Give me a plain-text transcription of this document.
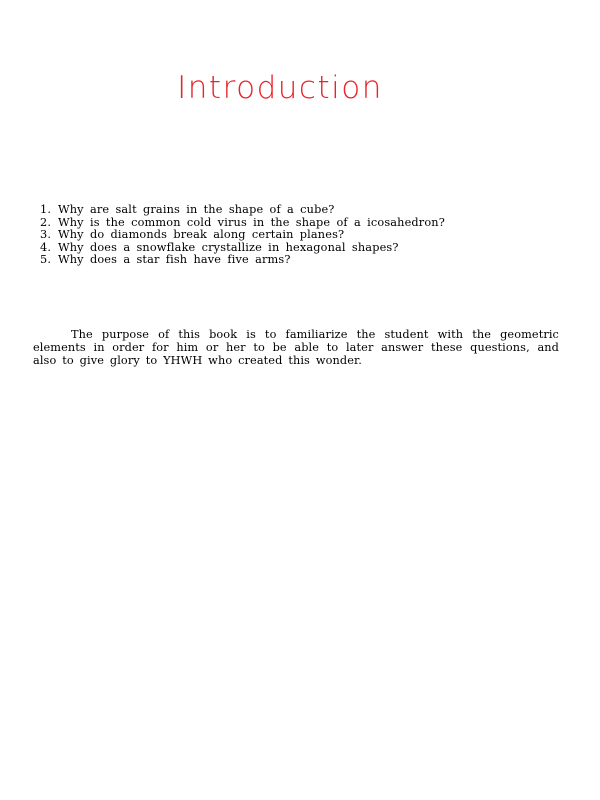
Introduction
1. Why are salt grains in the shape of a cube?
2. Why is the common cold virus in the shape of a icosahedron?
3. Why do diamonds break along certain planes?
4. Why does a snowflake crystallize in hexagonal shapes?
5. Why does a star fish have five arms?

The purpose of this book is to familiarize the student with the geometric elements in order for him or her to be able to later answer these questions, and also to give glory to YHWH who created this wonder.
